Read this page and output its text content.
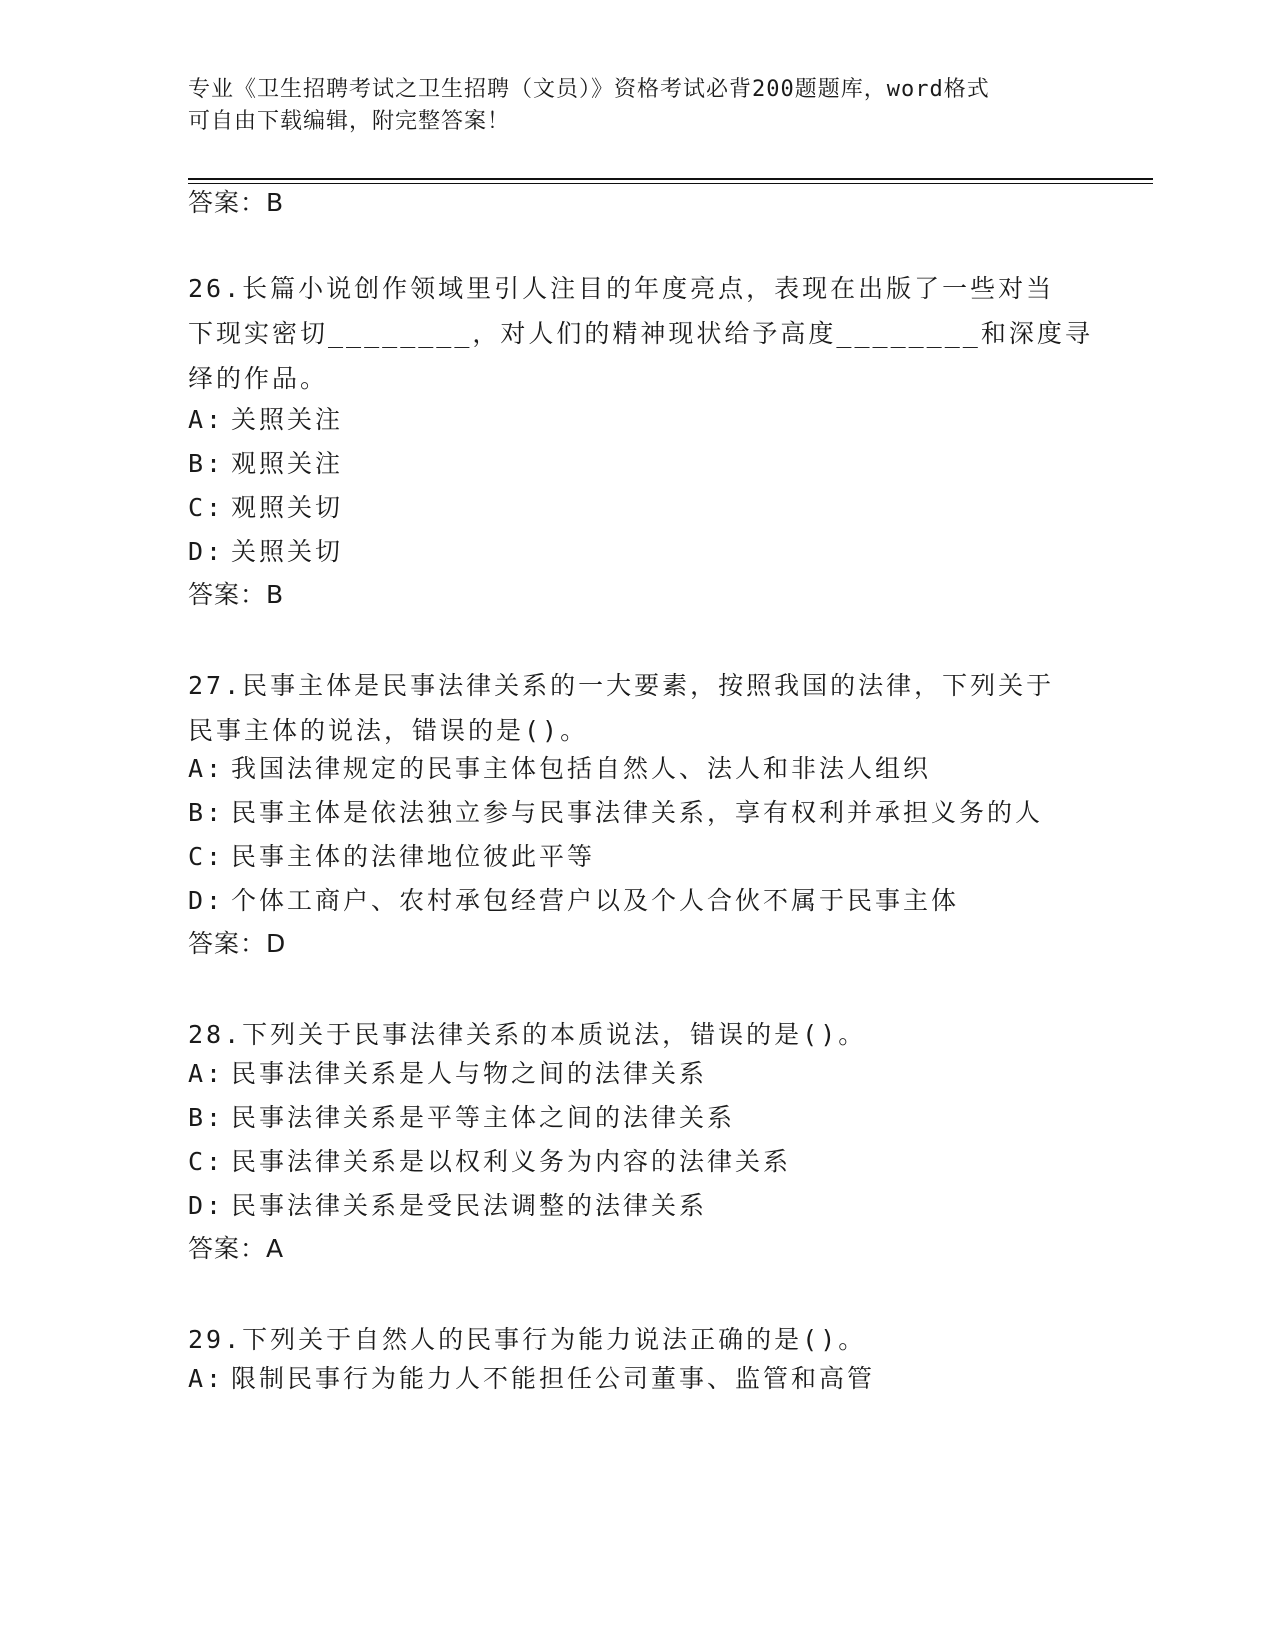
专业《卫生招聘考试之卫生招聘（文员）》资格考试必背200题题库，word格式
可自由下载编辑，附完整答案！
答案：B
26.长篇小说创作领域里引人注目的年度亮点，表现在出版了一些对当
下现实密切________，对人们的精神现状给予高度________和深度寻
绎的作品。
A: 关照关注
B: 观照关注
C: 观照关切
D: 关照关切
答案：B
27.民事主体是民事法律关系的一大要素，按照我国的法律，下列关于
民事主体的说法，错误的是()。
A: 我国法律规定的民事主体包括自然人、法人和非法人组织
B: 民事主体是依法独立参与民事法律关系，享有权利并承担义务的人
C: 民事主体的法律地位彼此平等
D: 个体工商户、农村承包经营户以及个人合伙不属于民事主体
答案：D
28.下列关于民事法律关系的本质说法，错误的是()。
A: 民事法律关系是人与物之间的法律关系
B: 民事法律关系是平等主体之间的法律关系
C: 民事法律关系是以权利义务为内容的法律关系
D: 民事法律关系是受民法调整的法律关系
答案：A
29.下列关于自然人的民事行为能力说法正确的是()。
A: 限制民事行为能力人不能担任公司董事、监管和高管
